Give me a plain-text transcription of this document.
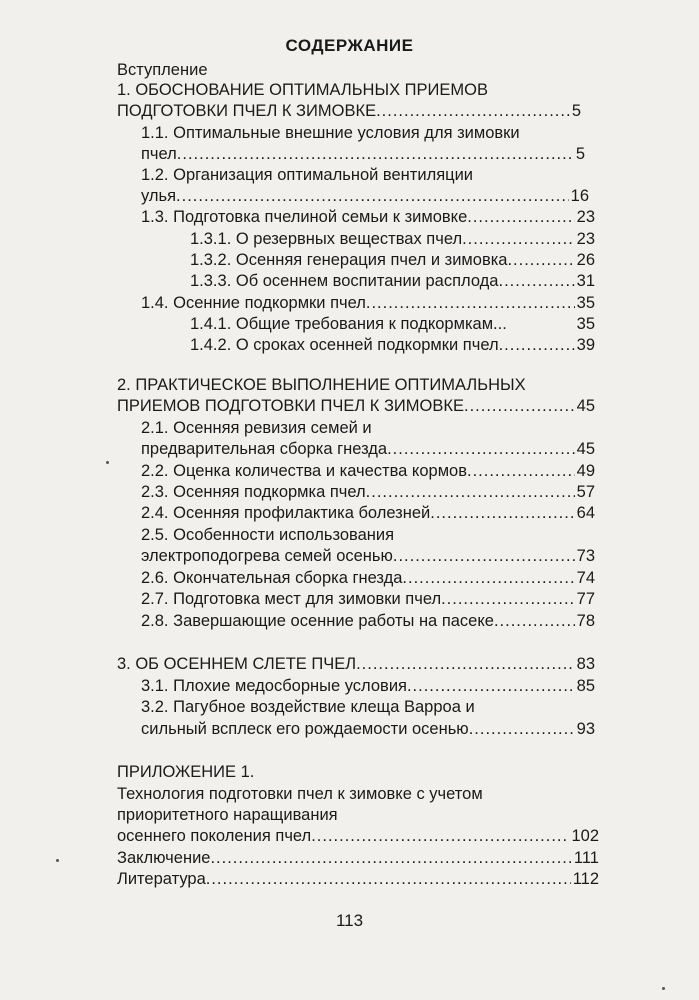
СОДЕРЖАНИЕ
Вступление
1. ОБОСНОВАНИЕ ОПТИМАЛЬНЫХ ПРИЕМОВ
ПОДГОТОВКИ ПЧЕЛ К ЗИМОВКЕ .....	5
1.1. Оптимальные внешние условия для зимовки
пчел .....	5
1.2. Организация оптимальной вентиляции
улья .....	16
1.3. Подготовка пчелиной семьи к зимовке .....	23
1.3.1. О резервных веществах пчел .....	23
1.3.2. Осенняя генерация пчел и зимовка .....	26
1.3.3. Об осеннем воспитании расплода .....	31
1.4. Осенние подкормки пчел .....	35
1.4.1. Общие требования к подкормкам...	35
1.4.2. О сроках осенней подкормки пчел .....	39
2. ПРАКТИЧЕСКОЕ ВЫПОЛНЕНИЕ ОПТИМАЛЬНЫХ
ПРИЕМОВ ПОДГОТОВКИ ПЧЕЛ К ЗИМОВКЕ .....	45
2.1. Осенняя ревизия семей и
предварительная сборка гнезда .....	45
2.2. Оценка количества и качества кормов .....	49
2.3. Осенняя подкормка пчел .....	57
2.4. Осенняя профилактика болезней .....	64
2.5. Особенности использования
электроподогрева семей осенью .....	73
2.6. Окончательная сборка гнезда .....	74
2.7. Подготовка мест для зимовки пчел .....	77
2.8. Завершающие осенние работы на пасеке .....	78
3. ОБ ОСЕННЕМ СЛЕТЕ ПЧЕЛ .....	83
3.1. Плохие медосборные условия .....	85
3.2. Пагубное воздействие клеща Варроа и
сильный всплеск его рождаемости осенью .....	93
ПРИЛОЖЕНИЕ 1.
Технология подготовки пчел к зимовке с учетом
приоритетного наращивания
осеннего поколения пчел .....	102
Заключение .....	111
Литература .....	112
113
